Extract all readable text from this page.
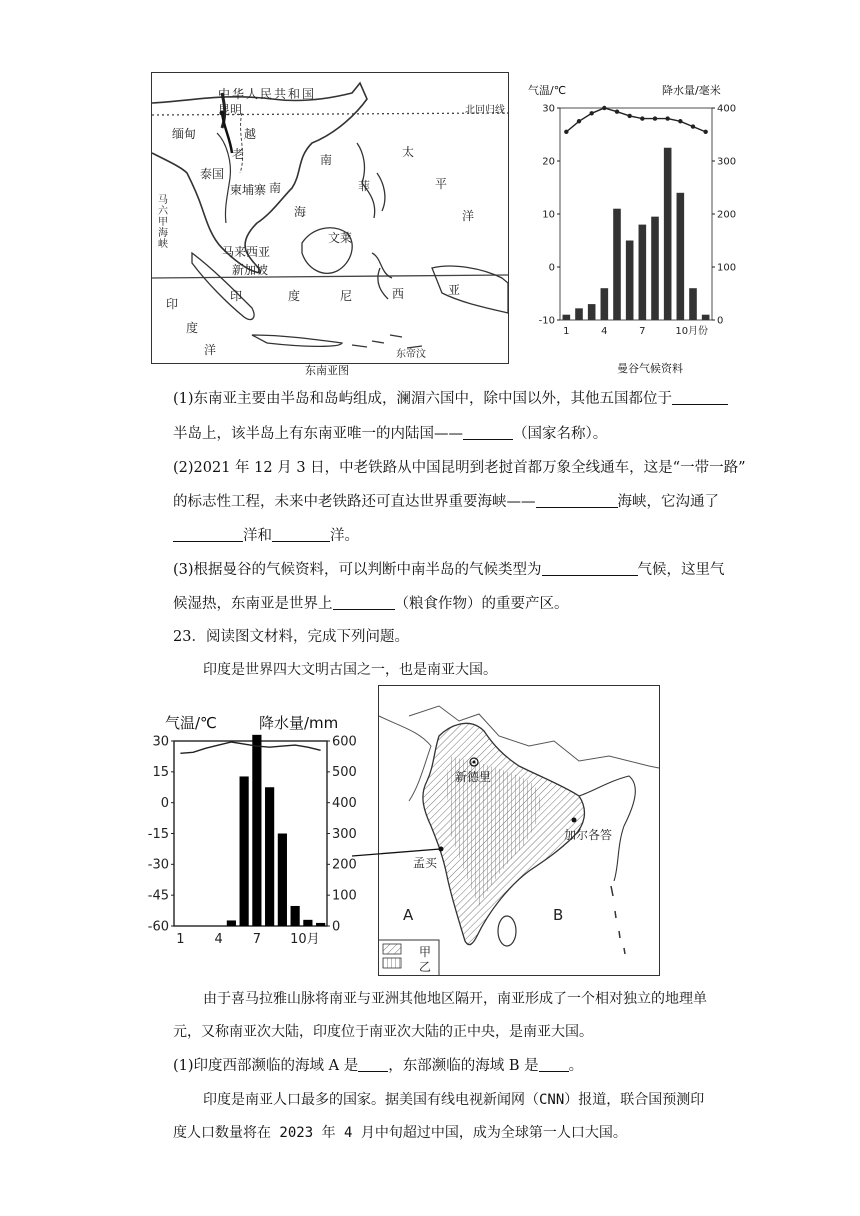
中华人民共和国
昆明	北回归线
缅甸	越
老
泰国
柬埔寨 南
南
海
菲
太
平
洋
马六甲海峡
马来西亚
新加坡
文莱
印
度
洋
印	度	尼	西	亚
东帝汶
东南亚图
气温/℃	降水量/毫米
30
20
10
0
-10
400
300
200
100
0
1	4	7	10月份
曼谷气候资料
(1)东南亚主要由半岛和岛屿组成，澜湄六国中，除中国以外，其他五国都位于
半岛上，该半岛上有东南亚唯一的内陆国——	（国家名称）。
(2)2021 年 12 月 3 日，中老铁路从中国昆明到老挝首都万象全线通车，这是“一带一路”
的标志性工程，未来中老铁路还可直达世界重要海峡——	海峡，它沟通了
洋和	洋。
(3)根据曼谷的气候资料，可以判断中南半岛的气候类型为	气候，这里气
候湿热，东南亚是世界上	（粮食作物）的重要产区。
23．阅读图文材料，完成下列问题。
印度是世界四大文明古国之一，也是南亚大国。
气温/℃	降水量/mm
30
15
0
-15
-30
-45
-60
600
500
400
300
200
100
0
1 4 7 10月
新德里
加尔各答
孟买
A	B
甲
乙
由于喜马拉雅山脉将南亚与亚洲其他地区隔开，南亚形成了一个相对独立的地理单
元，又称南亚次大陆，印度位于南亚次大陆的正中央，是南亚大国。
(1)印度西部濒临的海域 A 是 ，东部濒临的海域 B 是 。
印度是南亚人口最多的国家。据美国有线电视新闻网（CNN）报道，联合国预测印
度人口数量将在 2023 年 4 月中旬超过中国，成为全球第一人口大国。
